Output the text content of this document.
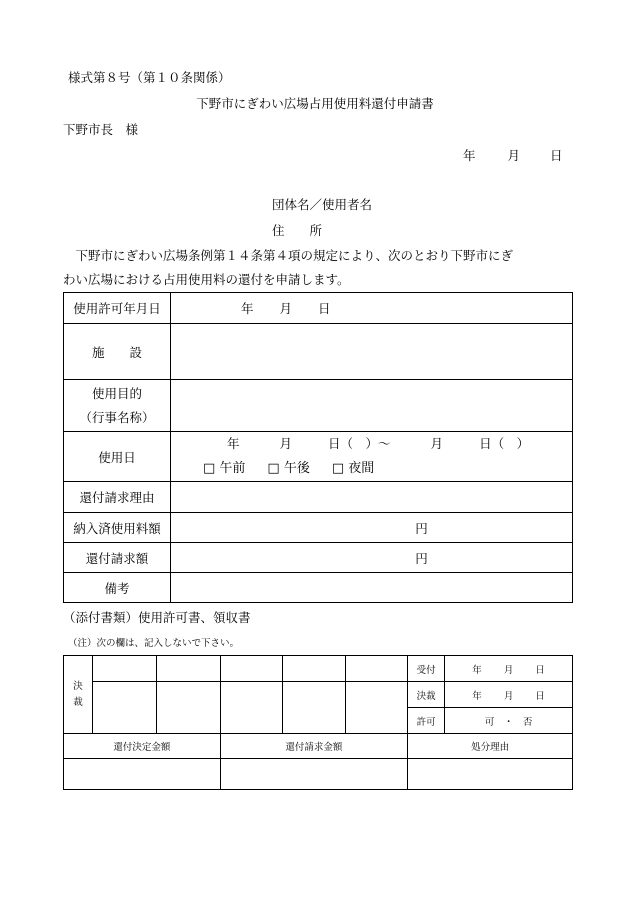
様式第８号（第１０条関係）
下野市にぎわい広場占用使用料還付申請書
下野市長　様
年	月 日
団体名／使用者名
住　　所
　下野市にぎわい広場条例第１４条第４項の規定により、次のとおり下野市にぎ
わい広場における占用使用料の還付を申請します。
使用許可年月日	年 月 日
施　　設	

使用目的
（行事名称）	

使用日	年 月 日（　）～ 月 日（　）
□ 午前 □ 午後 □ 夜間

還付請求理由	
納入済使用料額	円
還付請求額	円
備考	
（添付書類）使用許可書、領収書
（注）次の欄は、記入しないで下さい。
決
裁						受付	年 月 日
						決裁	年 月 日
						許可	可　・　否
還付決定金額			還付請求金額			処分理由	
